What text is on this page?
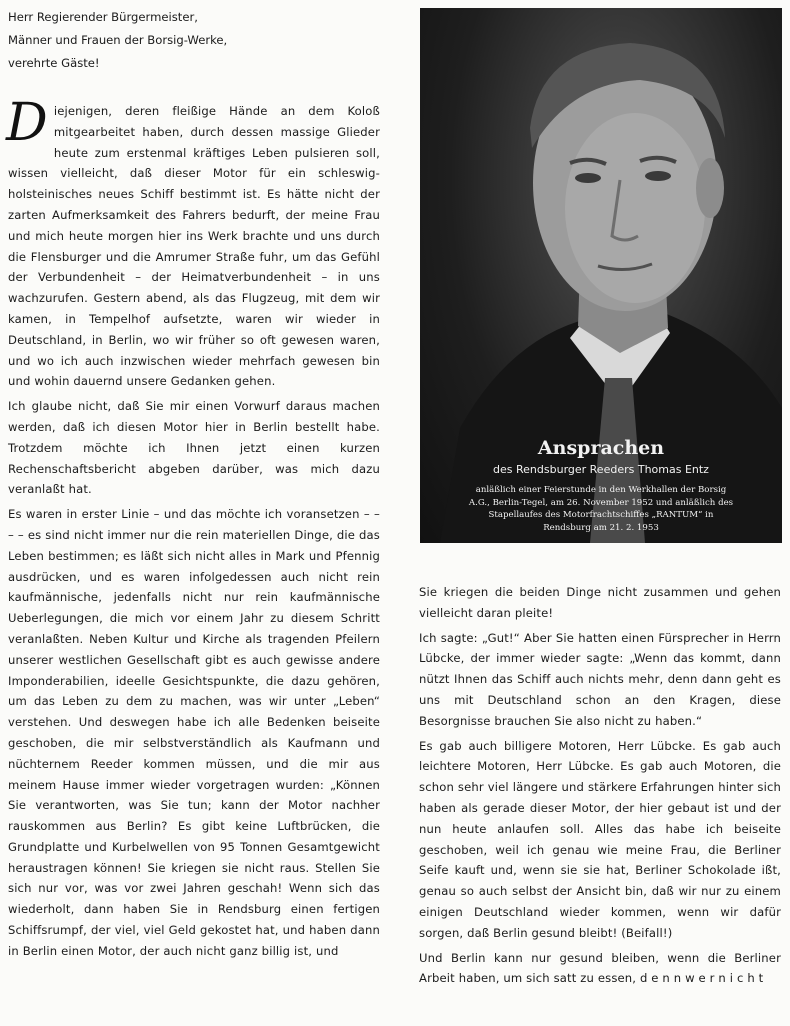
Herr Regierender Bürgermeister,

Männer und Frauen der Borsig-Werke,

verehrte Gäste!

Diejenigen, deren fleißige Hände an dem Koloß mitgearbeitet haben, durch dessen massige Glieder heute zum erstenmal kräftiges Leben pulsieren soll, wissen vielleicht, daß dieser Motor für ein schleswig-holsteinisches neues Schiff bestimmt ist. Es hätte nicht der zarten Aufmerksamkeit des Fahrers bedurft, der meine Frau und mich heute morgen hier ins Werk brachte und uns durch die Flensburger und die Amrumer Straße fuhr, um das Gefühl der Verbundenheit – der Heimatverbundenheit – in uns wachzurufen. Gestern abend, als das Flugzeug, mit dem wir kamen, in Tempelhof aufsetzte, waren wir wieder in Deutschland, in Berlin, wo wir früher so oft gewesen waren, und wo ich auch inzwischen wieder mehrfach gewesen bin und wohin dauernd unsere Gedanken gehen.

Ich glaube nicht, daß Sie mir einen Vorwurf daraus machen werden, daß ich diesen Motor hier in Berlin bestellt habe. Trotzdem möchte ich Ihnen jetzt einen kurzen Rechenschaftsbericht abgeben darüber, was mich dazu veranlaßt hat.

Es waren in erster Linie – und das möchte ich voransetzen – – – – es sind nicht immer nur die rein materiellen Dinge, die das Leben bestimmen; es läßt sich nicht alles in Mark und Pfennig ausdrücken, und es waren infolgedessen auch nicht rein kaufmännische, jedenfalls nicht nur rein kaufmännische Ueberlegungen, die mich vor einem Jahr zu diesem Schritt veranlaßten. Neben Kultur und Kirche als tragenden Pfeilern unserer westlichen Gesellschaft gibt es auch gewisse andere Imponderabilien, ideelle Gesichtspunkte, die dazu gehören, um das Leben zu dem zu machen, was wir unter „Leben“ verstehen. Und deswegen habe ich alle Bedenken beiseite geschoben, die mir selbstverständlich als Kaufmann und nüchternem Reeder kommen müssen, und die mir aus meinem Hause immer wieder vorgetragen wurden: „Können Sie verantworten, was Sie tun; kann der Motor nachher rauskommen aus Berlin? Es gibt keine Luftbrücken, die Grundplatte und Kurbelwellen von 95 Tonnen Gesamtgewicht heraustragen können! Sie kriegen sie nicht raus. Stellen Sie sich nur vor, was vor zwei Jahren geschah! Wenn sich das wiederholt, dann haben Sie in Rendsburg einen fertigen Schiffsrumpf, der viel, viel Geld gekostet hat, und haben dann in Berlin einen Motor, der auch nicht ganz billig ist, und

Ansprachen
des Rendsburger Reeders Thomas Entz
anläßlich einer Feierstunde in den Werkhallen der Borsig A.G., Berlin-Tegel, am 26. November 1952 und anläßlich des Stapellaufes des Motorfrachtschiffes „RANTUM“ in Rendsburg am 21. 2. 1953

Sie kriegen die beiden Dinge nicht zusammen und gehen vielleicht daran pleite!

Ich sagte: „Gut!“ Aber Sie hatten einen Fürsprecher in Herrn Lübcke, der immer wieder sagte: „Wenn das kommt, dann nützt Ihnen das Schiff auch nichts mehr, denn dann geht es uns mit Deutschland schon an den Kragen, diese Besorgnisse brauchen Sie also nicht zu haben.“

Es gab auch billigere Motoren, Herr Lübcke. Es gab auch leichtere Motoren, Herr Lübcke. Es gab auch Motoren, die schon sehr viel längere und stärkere Erfahrungen hinter sich haben als gerade dieser Motor, der hier gebaut ist und der nun heute anlaufen soll. Alles das habe ich beiseite geschoben, weil ich genau wie meine Frau, die Berliner Seife kauft und, wenn sie sie hat, Berliner Schokolade ißt, genau so auch selbst der Ansicht bin, daß wir nur zu einem einigen Deutschland wieder kommen, wenn wir dafür sorgen, daß Berlin gesund bleibt! (Beifall!)

Und Berlin kann nur gesund bleiben, wenn die Berliner Arbeit haben, um sich satt zu essen, d e n n w e r n i c h t
